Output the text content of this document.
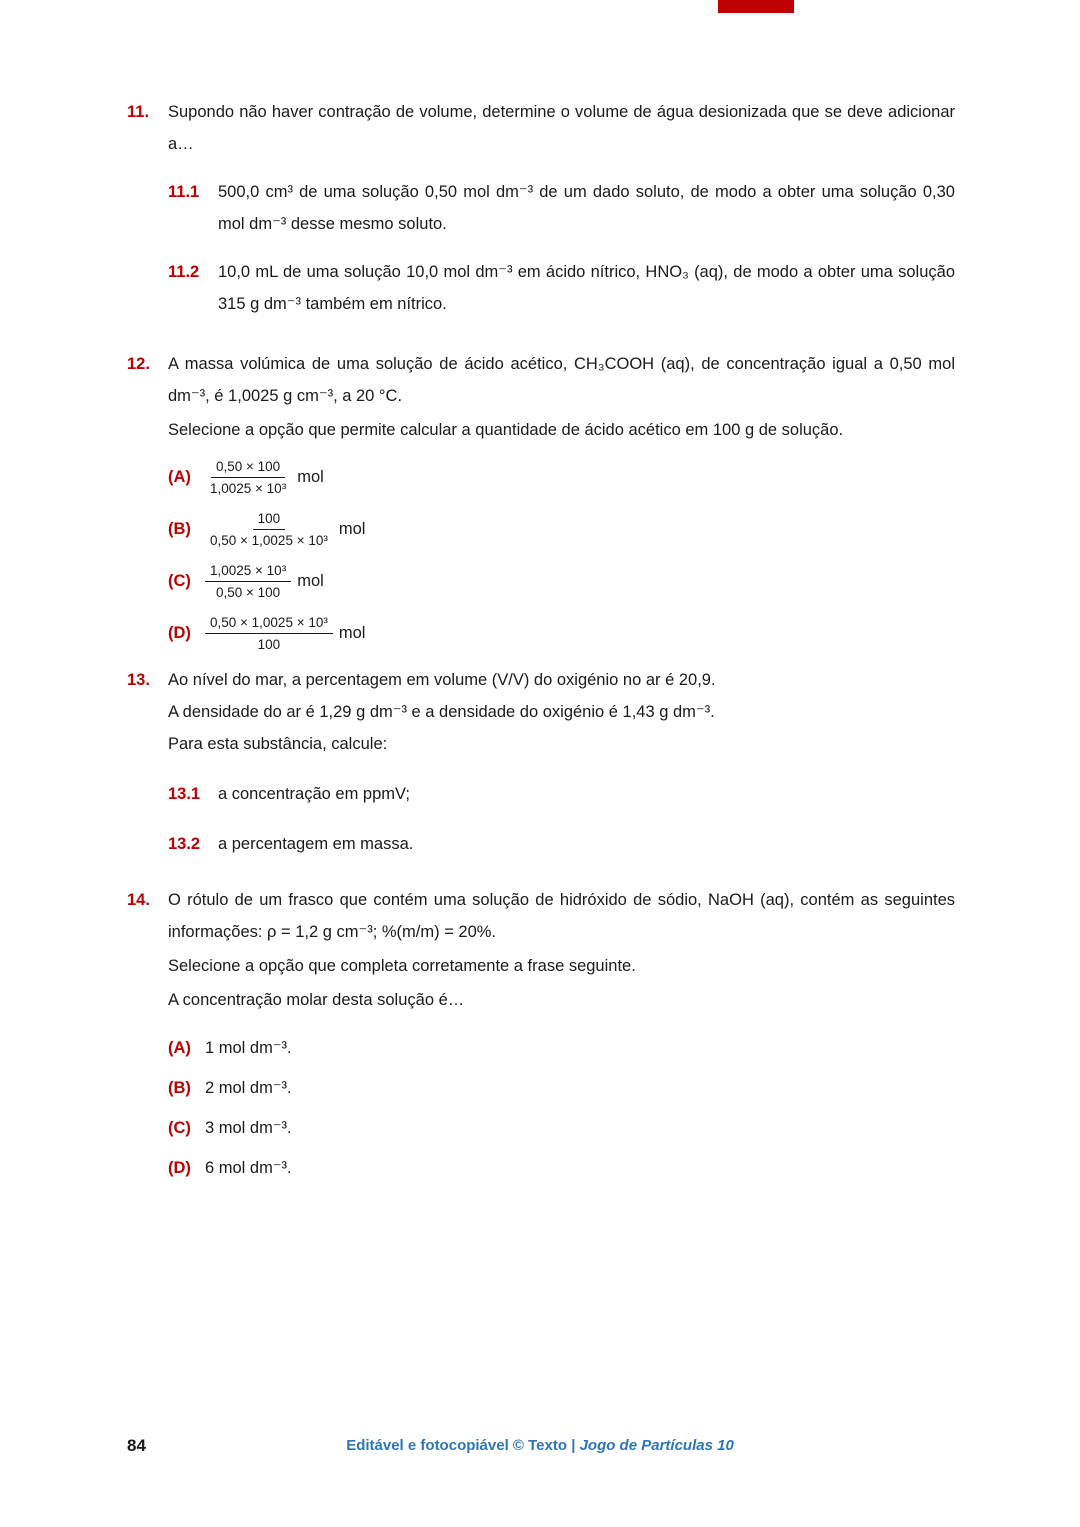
11.	Supondo não haver contração de volume, determine o volume de água desionizada que se deve adicionar a…

11.1	500,0 cm³ de uma solução 0,50 mol dm⁻³ de um dado soluto, de modo a obter uma solução 0,30 mol dm⁻³ desse mesmo soluto.
11.2	10,0 mL de uma solução 10,0 mol dm⁻³ em ácido nítrico, HNO₃ (aq), de modo a obter uma solução 315 g dm⁻³ também em nítrico.
12.	A massa volúmica de uma solução de ácido acético, CH₃COOH (aq), de concentração igual a 0,50 mol dm⁻³, é 1,0025 g cm⁻³, a 20 °C.

Selecione a opção que permite calcular a quantidade de ácido acético em 100 g de solução.

(A)	$\frac{0,50 \times 100}{\text{1,0025 × 10³}}$ mol
(B)	$\frac{100}{\text{0,50 × 1,0025 × 10³}}$ mol
(C)	$\frac{\text{1,0025 × 10³}}{0,50 \times 100}$ mol
(D)	$\frac{\text{0,50 × 1,0025 × 10³}}{100}$ mol
13.	Ao nível do mar, a percentagem em volume (V/V) do oxigénio no ar é 20,9.

A densidade do ar é 1,29 g dm⁻³ e a densidade do oxigénio é 1,43 g dm⁻³.

Para esta substância, calcule:

13.1	a concentração em ppmV;
13.2	a percentagem em massa.
14.	O rótulo de um frasco que contém uma solução de hidróxido de sódio, NaOH (aq), contém as seguintes informações: ρ = 1,2 g cm⁻³; %(m/m) = 20%.

Selecione a opção que completa corretamente a frase seguinte.

A concentração molar desta solução é…

(A) 1 mol dm⁻³.
(B) 2 mol dm⁻³.
(C) 3 mol dm⁻³.
(D) 6 mol dm⁻³.
84	Editável e fotocopiável © Texto | Jogo de Partículas 10
